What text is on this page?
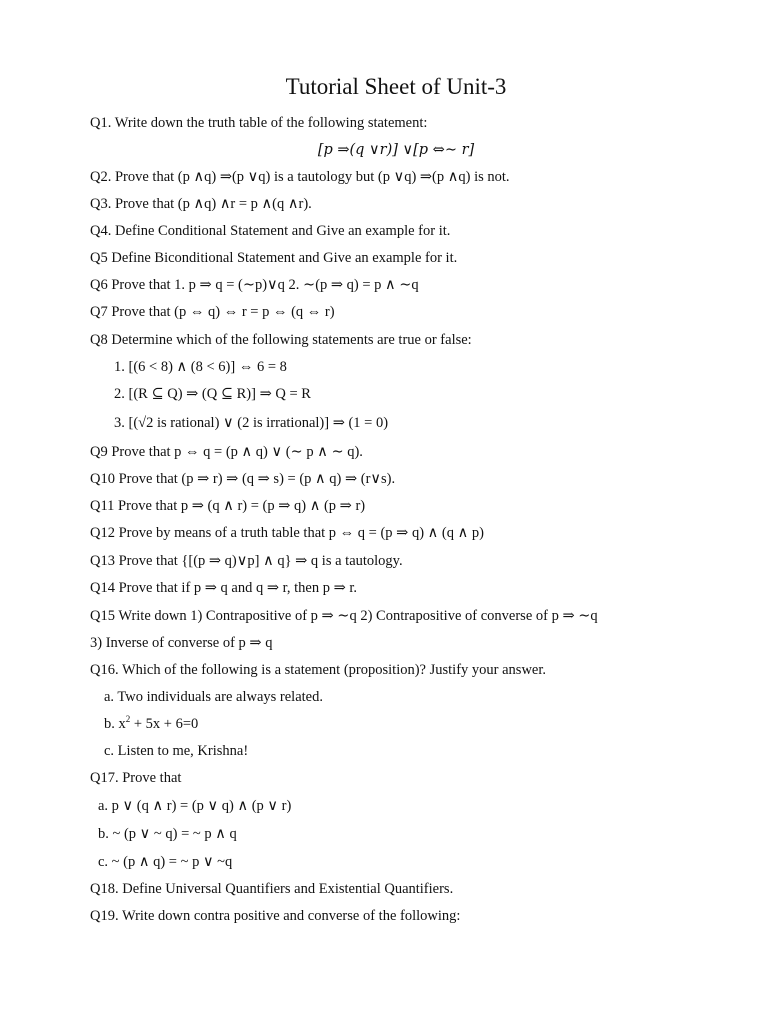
Tutorial Sheet of Unit-3
Q1. Write down the truth table of the following statement:
[p ⇒(q ∨r)] ∨[p ⇔∼ r]
Q2. Prove that (p ∧q) ⇒(p ∨q) is a tautology but (p ∨q) ⇒(p ∧q) is not.
Q3. Prove that (p ∧q) ∧r = p ∧(q ∧r).
Q4. Define Conditional Statement and Give an example for it.
Q5 Define Biconditional Statement and Give an example for it.
Q6 Prove that 1. p ⇒ q = (∼p)∨q 2. ∼(p ⇒ q) = p ∧ ∼q
Q7 Prove that (p ⇔ q) ⇔ r = p ⇔ (q ⇔ r)
Q8 Determine which of the following statements are true or false:
1. [(6 < 8) ∧ (8 < 6)] ⇔ 6 = 8
2. [(R ⊆ Q) ⇒ (Q ⊆ R)] ⇒ Q = R
3. [(√2 is rational) ∨ (2 is irrational)] ⇒ (1 = 0)
Q9 Prove that p ⇔ q = (p ∧ q) ∨ (∼ p ∧ ∼ q).
Q10 Prove that (p ⇒ r) ⇒ (q ⇒ s) = (p ∧ q) ⇒ (r∨s).
Q11 Prove that p ⇒ (q ∧ r) = (p ⇒ q) ∧ (p ⇒ r)
Q12 Prove by means of a truth table that p ⇔ q = (p ⇒ q) ∧ (q ∧ p)
Q13 Prove that {[(p ⇒ q)∨p] ∧ q} ⇒ q is a tautology.
Q14 Prove that if p ⇒ q and q ⇒ r, then p ⇒ r.
Q15 Write down 1) Contrapositive of p ⇒ ∼q 2) Contrapositive of converse of p ⇒ ∼q
3) Inverse of converse of p ⇒ q
Q16. Which of the following is a statement (proposition)? Justify your answer.
a. Two individuals are always related.
b. $x^2 + 5x + 6=0$
c. Listen to me, Krishna!
Q17. Prove that
a. p ∨ (q ∧ r) = (p ∨ q) ∧ (p ∨ r)
b. ~ (p ∨ ~ q) = ~ p ∧ q
c. ~ (p ∧ q) = ~ p ∨ ~q
Q18. Define Universal Quantifiers and Existential Quantifiers.
Q19. Write down contra positive and converse of the following:
